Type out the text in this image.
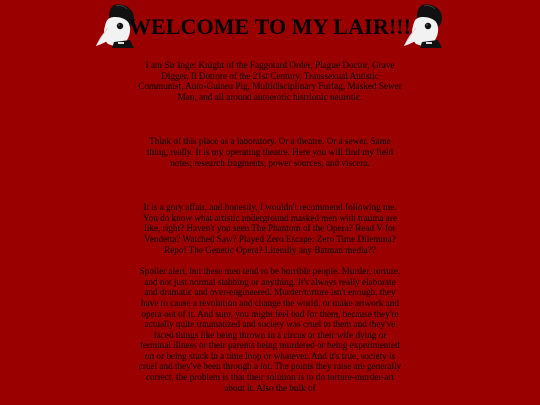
WELCOME TO MY LAIR!!!

I am Sir Inge: Knight of the Faggotard Order, Plague Doctor, Grave Digger, Il Dottore of the 21st Century, Transsexual Autistic Communist, Auto-Guinea Pig, Multidisciplinary Furfag, Masked Sewer Man, and all around autoerotic histrionic neurotic.

Think of this place as a laboratory. Or a theatre. Or a sewer. Same thing, really. It is my operating theatre. Here you will find my field notes, research fragments, power sources, and viscera.

It is a gory affair, and honestly, I wouldn't recommend following me. You do know what artistic underground masked men with trauma are like, right? Haven't you seen The Phantom of the Opera? Read V for Vendetta? Watched Saw? Played Zero Escape: Zero Time Dilemma? Repo! The Genetic Opera? Literally any Batman media??

Spoiler alert, but these men tend to be horrible people. Murder, torture, and not just normal stabbing or anything. It's always really elaborate and dramatic and over-engineered. Murder/torture isn't enough, they have to cause a revolution and change the world, or make artwork and opera out of it. And sure, you might feel bad for them, because they're actually quite traumatized and society was cruel to them and they've faced things like being thrown in a circus or their wife dying or terminal illness or their parents being murdered or being experimented on or being stuck in a time loop or whatever. And it's true, society is cruel and they've been through a lot. The points they raise are generally correct, the problem is that their solution is to do torture-murder-art about it. Also the bulk of
